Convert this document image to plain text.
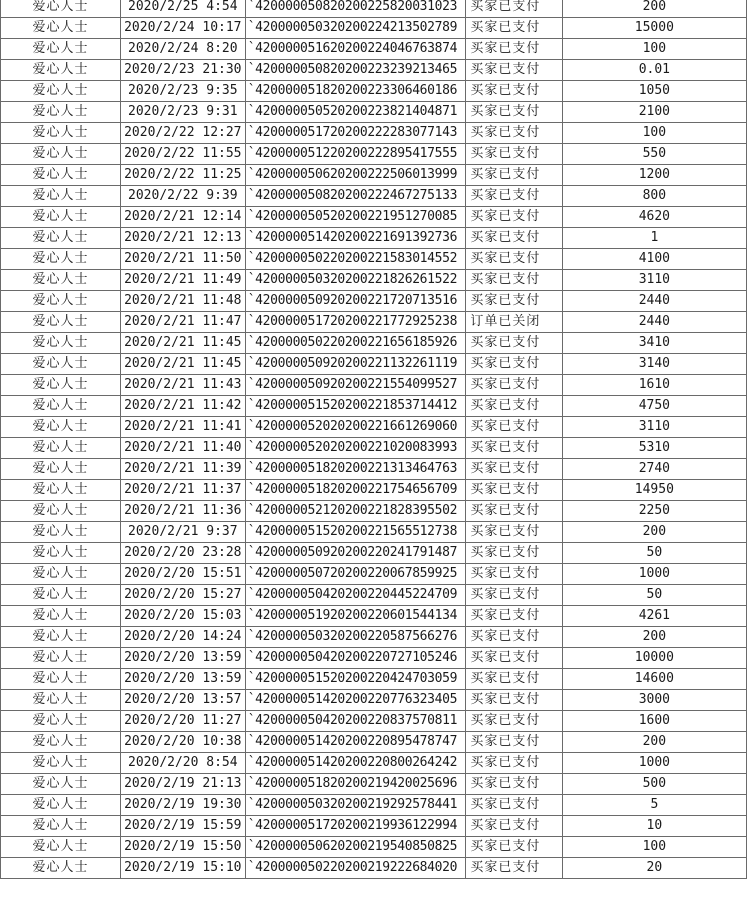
爱心人士	2020/2/25 4:54	`420000050820200225820031023	买家已支付	200
爱心人士	2020/2/24 10:17	`420000050320200224213502789	买家已支付	15000
爱心人士	2020/2/24 8:20	`420000051620200224046763874	买家已支付	100
爱心人士	2020/2/23 21:30	`420000050820200223239213465	买家已支付	0.01
爱心人士	2020/2/23 9:35	`420000051820200223306460186	买家已支付	1050
爱心人士	2020/2/23 9:31	`420000050520200223821404871	买家已支付	2100
爱心人士	2020/2/22 12:27	`420000051720200222283077143	买家已支付	100
爱心人士	2020/2/22 11:55	`420000051220200222895417555	买家已支付	550
爱心人士	2020/2/22 11:25	`420000050620200222506013999	买家已支付	1200
爱心人士	2020/2/22 9:39	`420000050820200222467275133	买家已支付	800
爱心人士	2020/2/21 12:14	`420000050520200221951270085	买家已支付	4620
爱心人士	2020/2/21 12:13	`420000051420200221691392736	买家已支付	1
爱心人士	2020/2/21 11:50	`420000050220200221583014552	买家已支付	4100
爱心人士	2020/2/21 11:49	`420000050320200221826261522	买家已支付	3110
爱心人士	2020/2/21 11:48	`420000050920200221720713516	买家已支付	2440
爱心人士	2020/2/21 11:47	`420000051720200221772925238	订单已关闭	2440
爱心人士	2020/2/21 11:45	`420000050220200221656185926	买家已支付	3410
爱心人士	2020/2/21 11:45	`420000050920200221132261119	买家已支付	3140
爱心人士	2020/2/21 11:43	`420000050920200221554099527	买家已支付	1610
爱心人士	2020/2/21 11:42	`420000051520200221853714412	买家已支付	4750
爱心人士	2020/2/21 11:41	`420000052020200221661269060	买家已支付	3110
爱心人士	2020/2/21 11:40	`420000052020200221020083993	买家已支付	5310
爱心人士	2020/2/21 11:39	`420000051820200221313464763	买家已支付	2740
爱心人士	2020/2/21 11:37	`420000051820200221754656709	买家已支付	14950
爱心人士	2020/2/21 11:36	`420000052120200221828395502	买家已支付	2250
爱心人士	2020/2/21 9:37	`420000051520200221565512738	买家已支付	200
爱心人士	2020/2/20 23:28	`420000050920200220241791487	买家已支付	50
爱心人士	2020/2/20 15:51	`420000050720200220067859925	买家已支付	1000
爱心人士	2020/2/20 15:27	`420000050420200220445224709	买家已支付	50
爱心人士	2020/2/20 15:03	`420000051920200220601544134	买家已支付	4261
爱心人士	2020/2/20 14:24	`420000050320200220587566276	买家已支付	200
爱心人士	2020/2/20 13:59	`420000050420200220727105246	买家已支付	10000
爱心人士	2020/2/20 13:59	`420000051520200220424703059	买家已支付	14600
爱心人士	2020/2/20 13:57	`420000051420200220776323405	买家已支付	3000
爱心人士	2020/2/20 11:27	`420000050420200220837570811	买家已支付	1600
爱心人士	2020/2/20 10:38	`420000051420200220895478747	买家已支付	200
爱心人士	2020/2/20 8:54	`420000051420200220800264242	买家已支付	1000
爱心人士	2020/2/19 21:13	`420000051820200219420025696	买家已支付	500
爱心人士	2020/2/19 19:30	`420000050320200219292578441	买家已支付	5
爱心人士	2020/2/19 15:59	`420000051720200219936122994	买家已支付	10
爱心人士	2020/2/19 15:50	`420000050620200219540850825	买家已支付	100
爱心人士	2020/2/19 15:10	`420000050220200219222684020	买家已支付	20
